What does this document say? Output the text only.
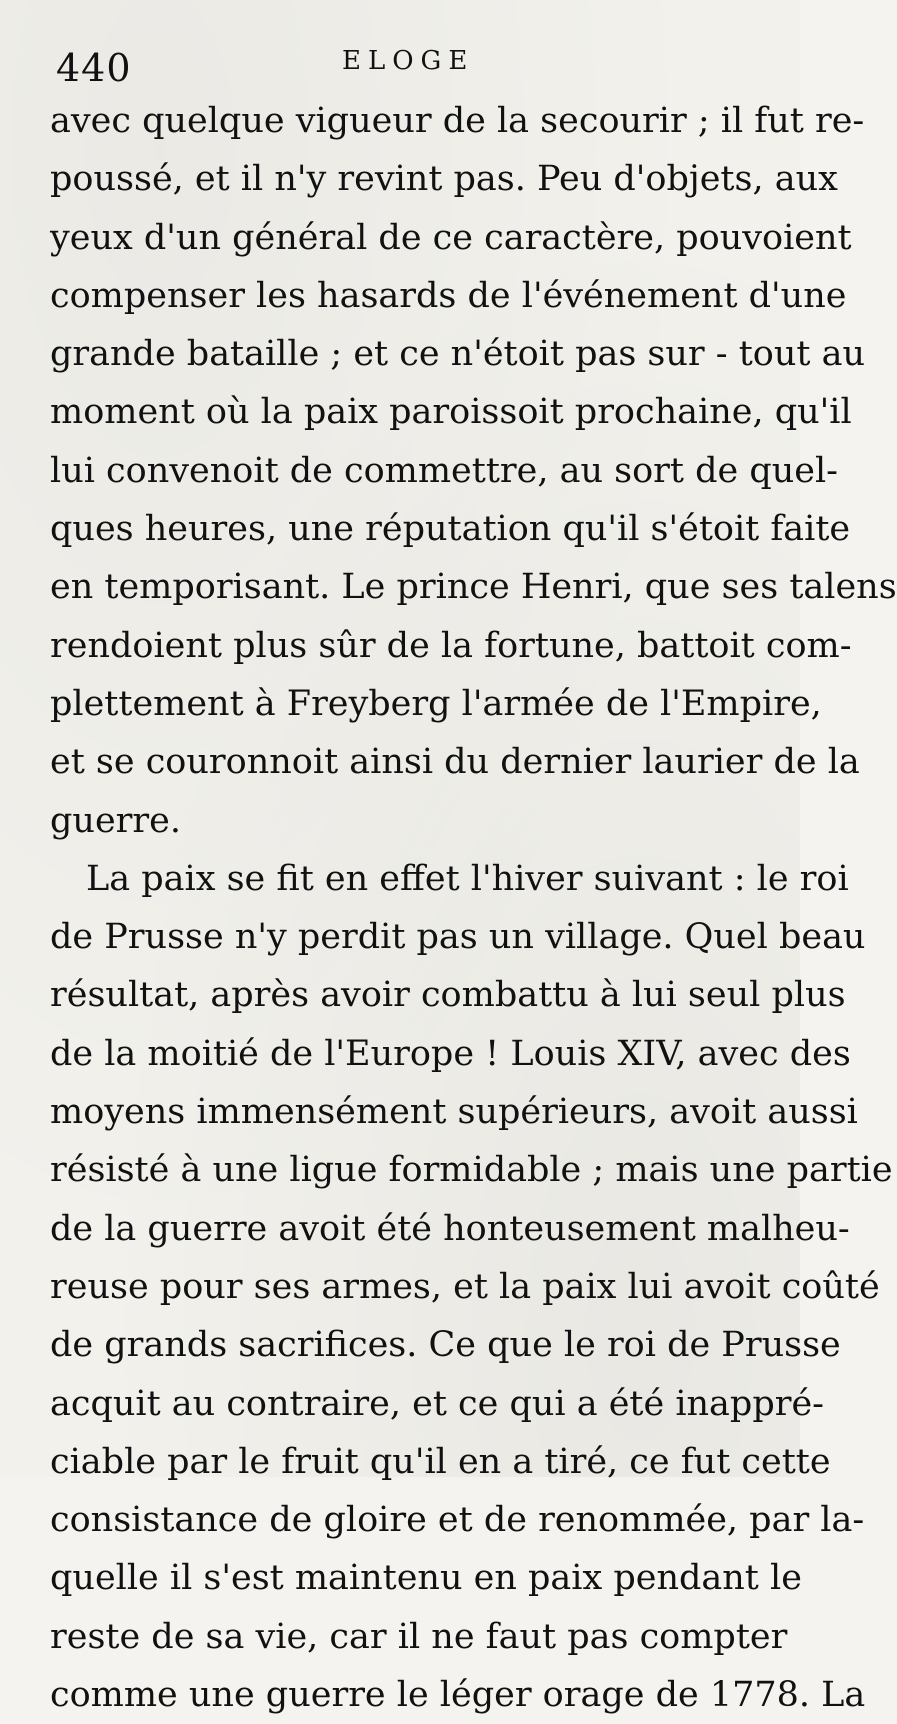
440	ELOGE
avec quelque vigueur de la secourir ; il fut re-
poussé, et il n'y revint pas. Peu d'objets, aux
yeux d'un général de ce caractère, pouvoient
compenser les hasards de l'événement d'une
grande bataille ; et ce n'étoit pas sur - tout au
moment où la paix paroissoit prochaine, qu'il
lui convenoit de commettre, au sort de quel-
ques heures, une réputation qu'il s'étoit faite
en temporisant. Le prince Henri, que ses talens
rendoient plus sûr de la fortune, battoit com-
plettement à Freyberg l'armée de l'Empire,
et se couronnoit ainsi du dernier laurier de la
guerre.
La paix se fit en effet l'hiver suivant : le roi
de Prusse n'y perdit pas un village. Quel beau
résultat, après avoir combattu à lui seul plus
de la moitié de l'Europe ! Louis XIV, avec des
moyens immensément supérieurs, avoit aussi
résisté à une ligue formidable ; mais une partie
de la guerre avoit été honteusement malheu-
reuse pour ses armes, et la paix lui avoit coûté
de grands sacrifices. Ce que le roi de Prusse
acquit au contraire, et ce qui a été inappré-
ciable par le fruit qu'il en a tiré, ce fut cette
consistance de gloire et de renommée, par la-
quelle il s'est maintenu en paix pendant le
reste de sa vie, car il ne faut pas compter
comme une guerre le léger orage de 1778. La
